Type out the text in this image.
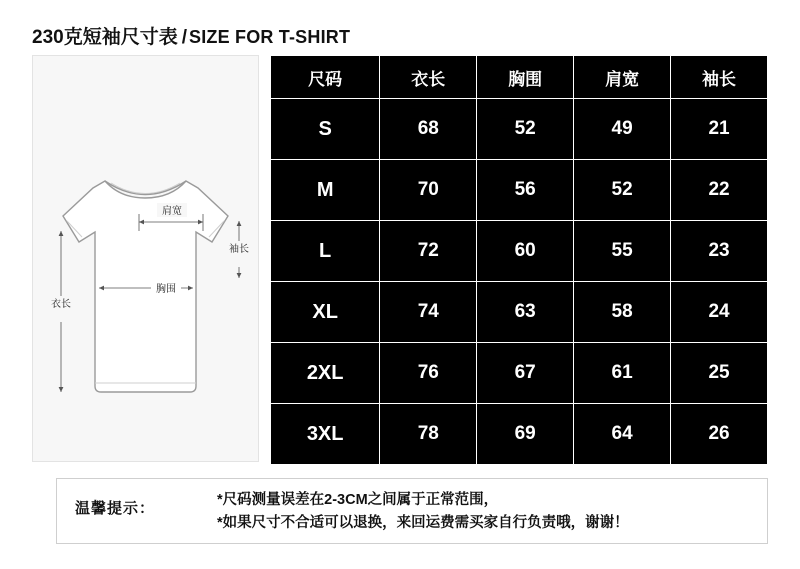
230克短袖尺寸表 / SIZE FOR T-SHIRT
肩宽
胸围
袖长
衣长
尺码	衣长	胸围	肩宽	袖长
S	68	52	49	21
M	70	56	52	22
L	72	60	55	23
XL	74	63	58	24
2XL	76	67	61	25
3XL	78	69	64	26
温馨提示：	*尺码测量误差在2-3CM之间属于正常范围，
*如果尺寸不合适可以退换，来回运费需买家自行负责哦，谢谢！
